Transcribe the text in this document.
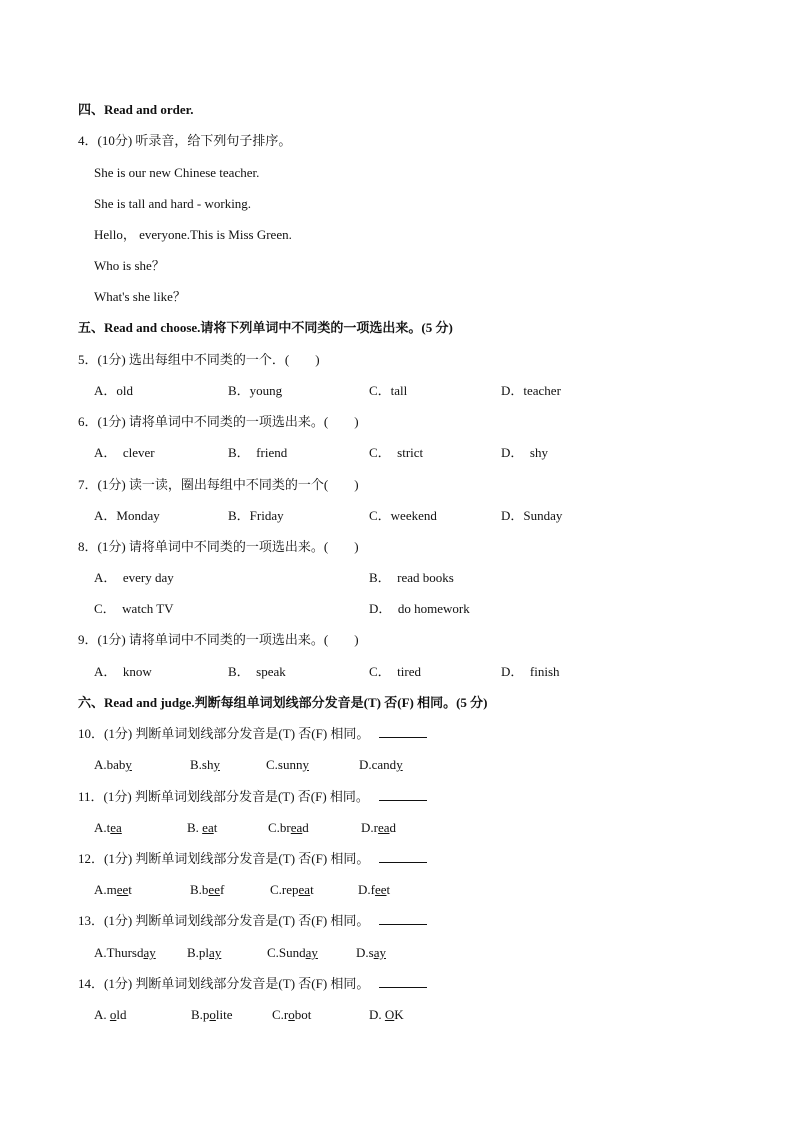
四、Read and order.
4．(10分) 听录音，给下列句子排序。
She is our new Chinese teacher.
She is tall and hard - working.
Hello， everyone.This is Miss Green.
Who is she？
What's she like？
五、Read and choose.请将下列单词中不同类的一项选出来。(5 分)
5．(1分) 选出每组中不同类的一个．(　　)
A．old	B．young	C．tall	D．teacher
6．(1分) 请将单词中不同类的一项选出来。(　　)
A．　clever	B．　friend	C．　strict	D．　shy
7．(1分) 读一读，圈出每组中不同类的一个(　　)
A．Monday	B．Friday	C．weekend	D．Sunday
8．(1分) 请将单词中不同类的一项选出来。(　　)
A．　every day	B．　read books
C．　watch TV	D．　do homework
9．(1分) 请将单词中不同类的一项选出来。(　　)
A．　know	B．　speak	C．　tired	D．　finish
六、Read and judge.判断每组单词划线部分发音是(T) 否(F) 相同。(5 分)
10．(1分) 判断单词划线部分发音是(T) 否(F) 相同。
A.baby	B.shy	C.sunny	D.candy
11．(1分) 判断单词划线部分发音是(T) 否(F) 相同。
A.tea	B. eat	C.bread	D.read
12．(1分) 判断单词划线部分发音是(T) 否(F) 相同。
A.meet	B.beef	C.repeat	D.feet
13．(1分) 判断单词划线部分发音是(T) 否(F) 相同。
A.Thursday B.play	C.Sunday	D.say
14．(1分) 判断单词划线部分发音是(T) 否(F) 相同。
A. old	B.polite	C.robot	D. OK
